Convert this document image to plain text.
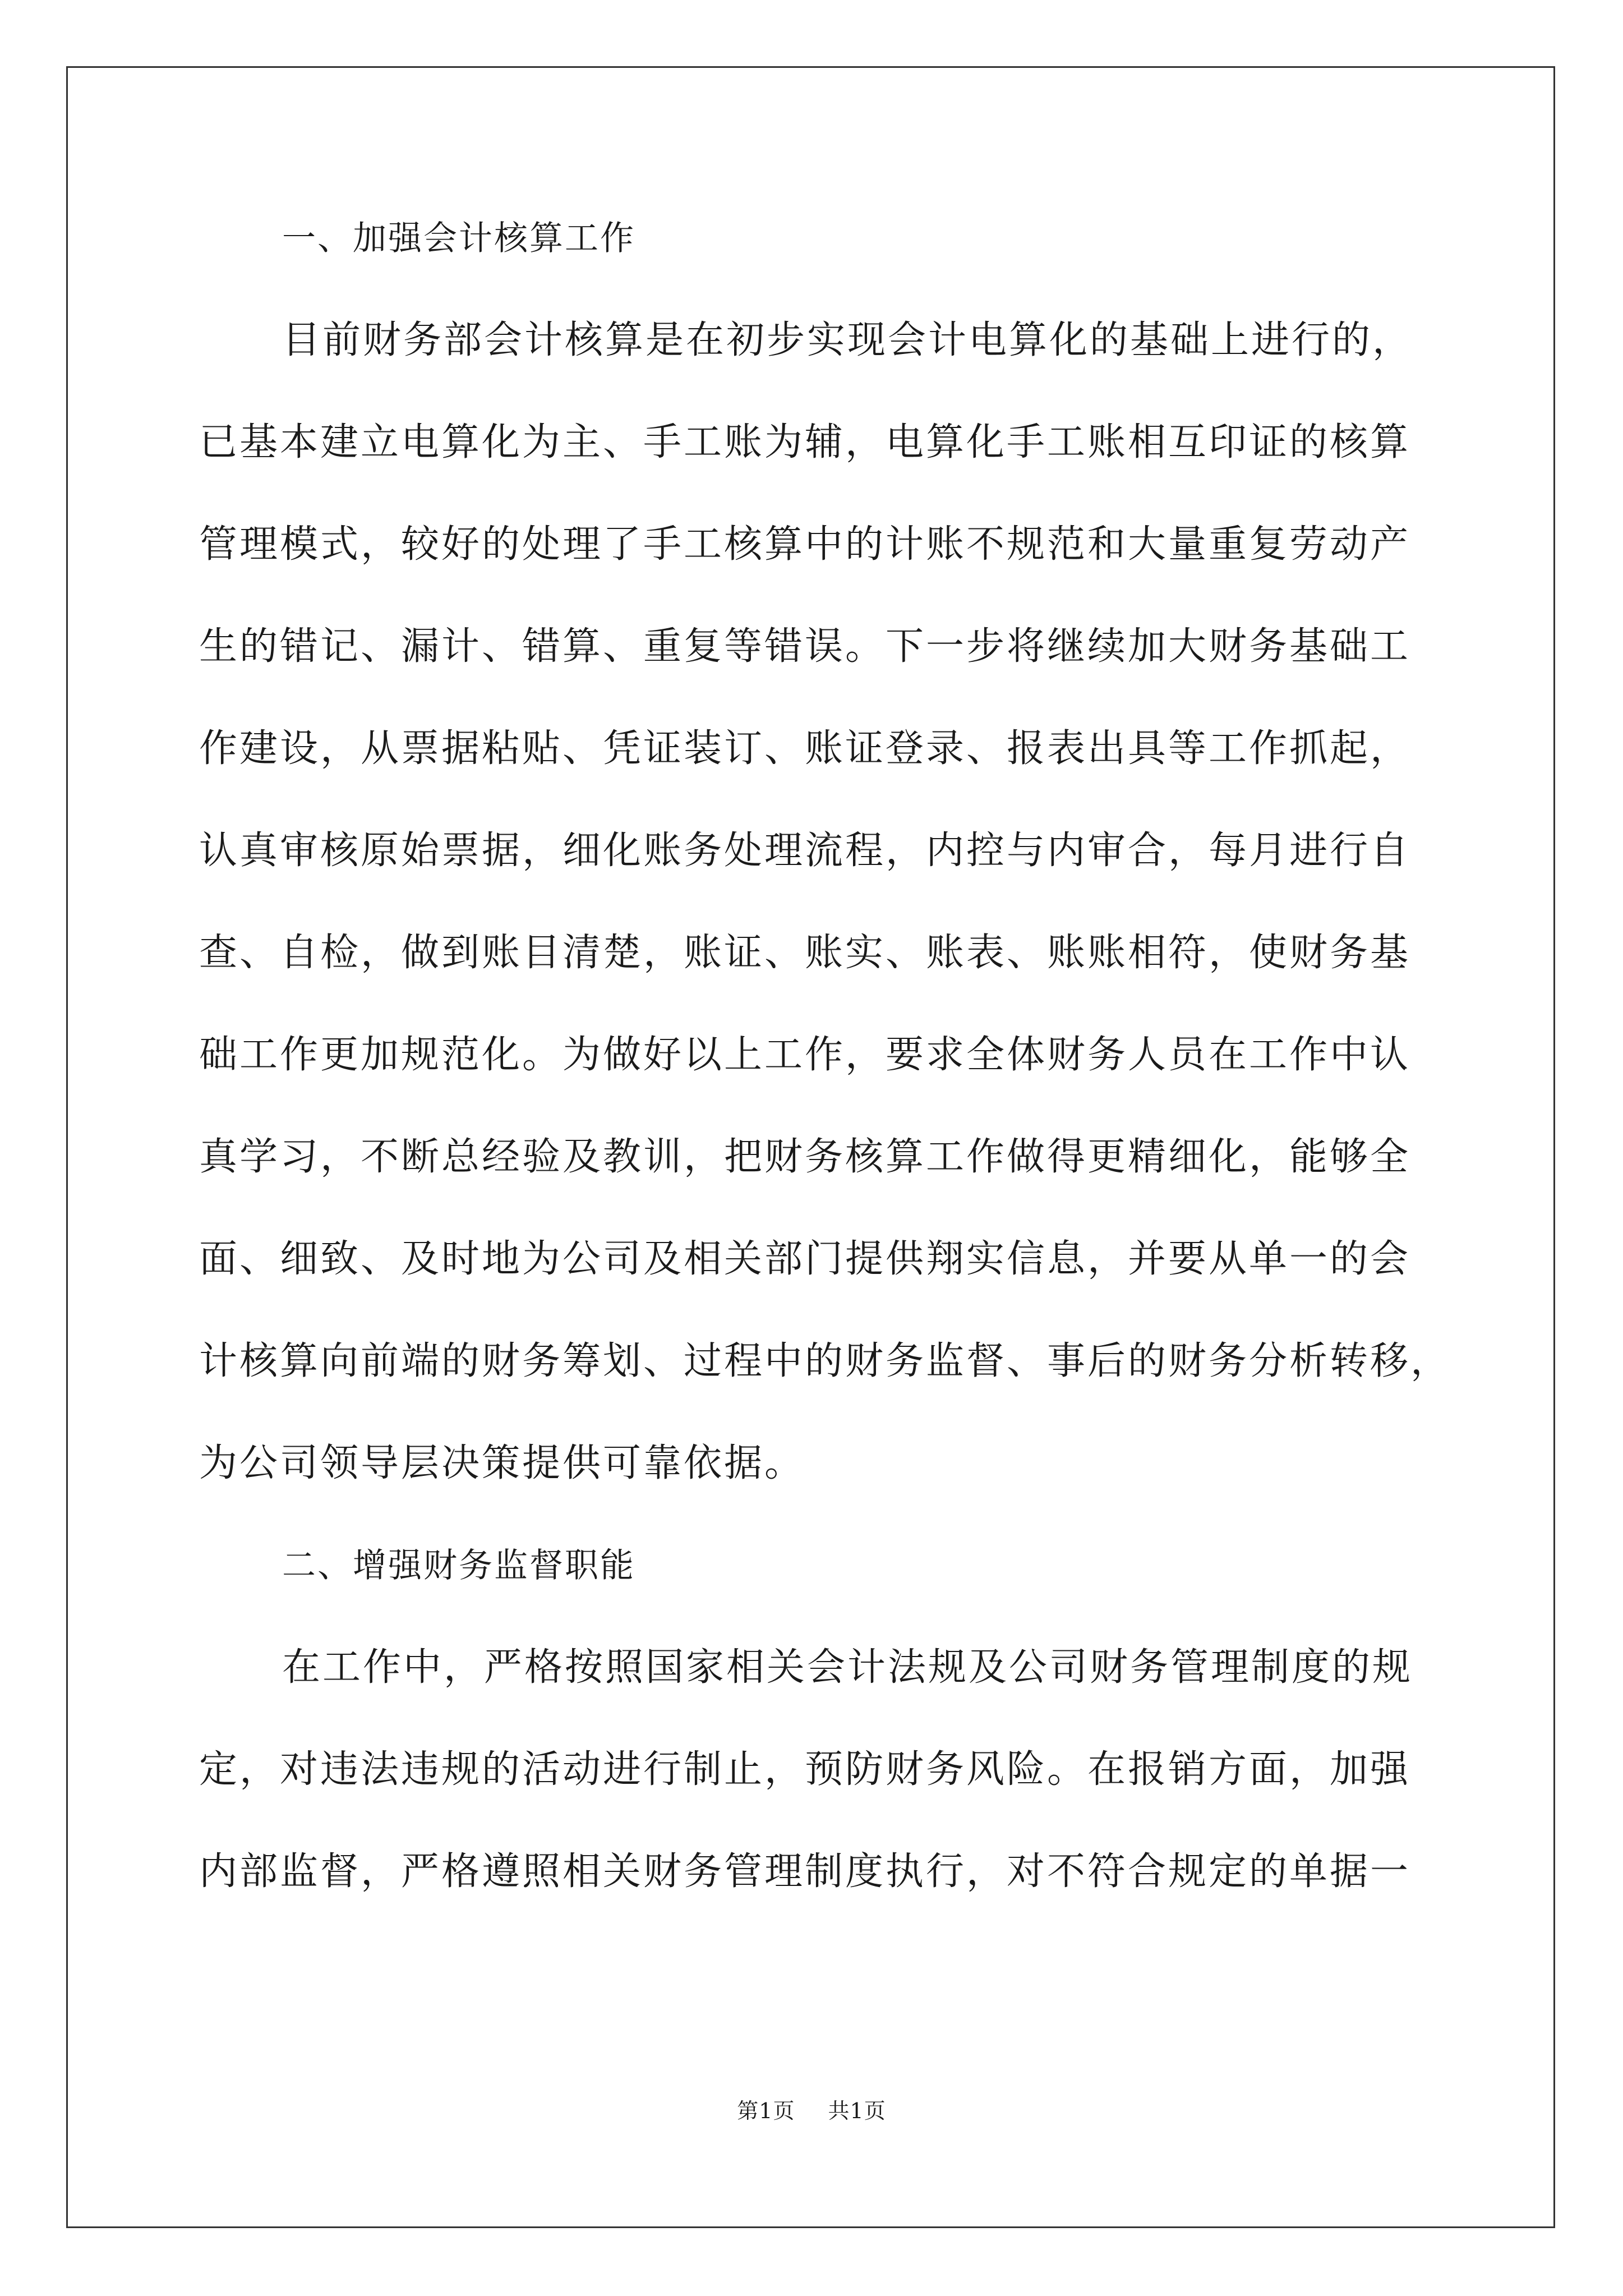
一、加强会计核算工作

目前财务部会计核算是在初步实现会计电算化的基础上进行的，

已基本建立电算化为主、手工账为辅，电算化手工账相互印证的核算

管理模式，较好的处理了手工核算中的计账不规范和大量重复劳动产

生的错记、漏计、错算、重复等错误。下一步将继续加大财务基础工

作建设，从票据粘贴、凭证装订、账证登录、报表出具等工作抓起，

认真审核原始票据，细化账务处理流程，内控与内审合，每月进行自

查、自检，做到账目清楚，账证、账实、账表、账账相符，使财务基

础工作更加规范化。为做好以上工作，要求全体财务人员在工作中认

真学习，不断总经验及教训，把财务核算工作做得更精细化，能够全

面、细致、及时地为公司及相关部门提供翔实信息，并要从单一的会

计核算向前端的财务筹划、过程中的财务监督、事后的财务分析转移，

为公司领导层决策提供可靠依据。

二、增强财务监督职能

在工作中，严格按照国家相关会计法规及公司财务管理制度的规

定，对违法违规的活动进行制止，预防财务风险。在报销方面，加强

内部监督，严格遵照相关财务管理制度执行，对不符合规定的单据一

第1页 共1页
